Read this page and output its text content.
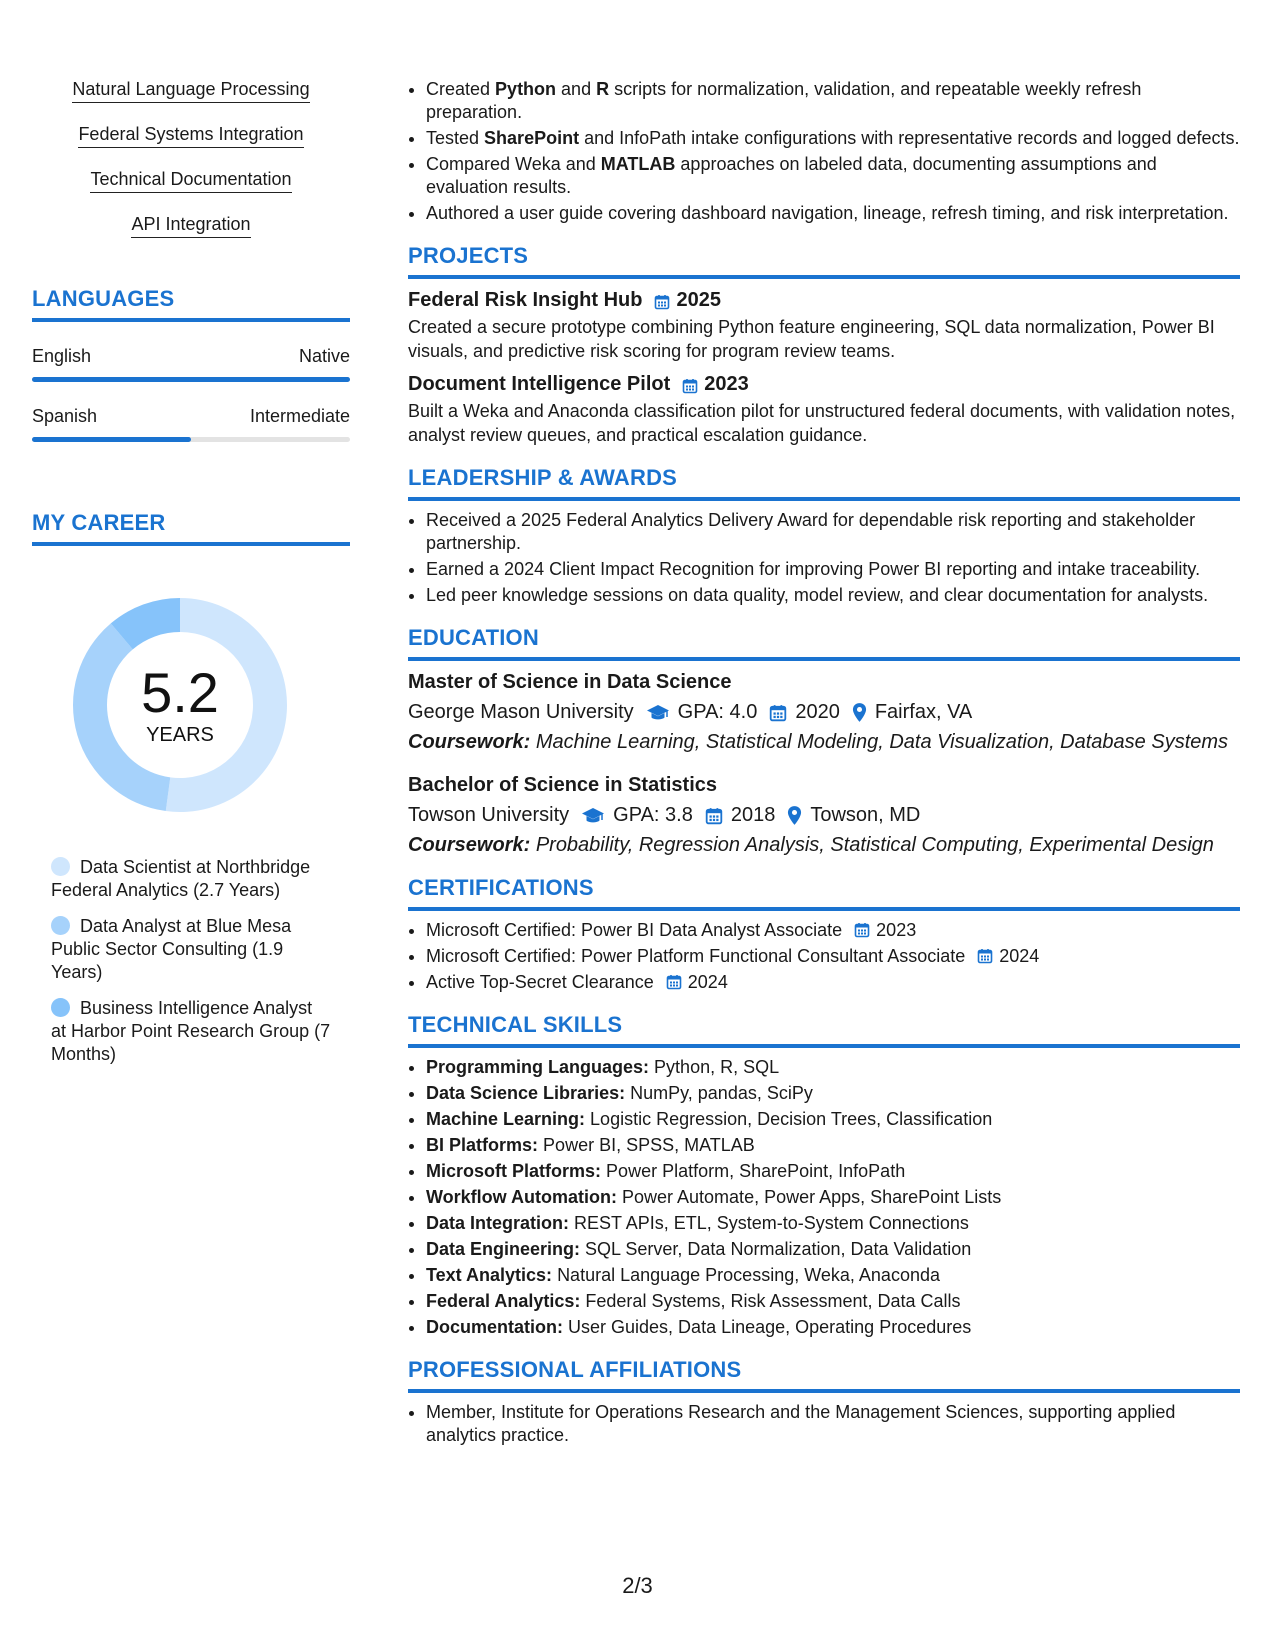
Natural Language Processing
Federal Systems Integration
Technical Documentation
API Integration
LANGUAGES
English	Native
Spanish	Intermediate
MY CAREER
5.2
YEARS
Data Scientist at Northbridge Federal Analytics (2.7 Years)
Data Analyst at Blue Mesa Public Sector Consulting (1.9 Years)
Business Intelligence Analyst at Harbor Point Research Group (7 Months)
• Created Python and R scripts for normalization, validation, and repeatable weekly refresh preparation.
• Tested SharePoint and InfoPath intake configurations with representative records and logged defects.
• Compared Weka and MATLAB approaches on labeled data, documenting assumptions and evaluation results.
• Authored a user guide covering dashboard navigation, lineage, refresh timing, and risk interpretation.
PROJECTS
Federal Risk Insight Hub 2025
Created a secure prototype combining Python feature engineering, SQL data normalization, Power BI visuals, and predictive risk scoring for program review teams.
Document Intelligence Pilot 2023
Built a Weka and Anaconda classification pilot for unstructured federal documents, with validation notes, analyst review queues, and practical escalation guidance.
LEADERSHIP & AWARDS
• Received a 2025 Federal Analytics Delivery Award for dependable risk reporting and stakeholder partnership.
• Earned a 2024 Client Impact Recognition for improving Power BI reporting and intake traceability.
• Led peer knowledge sessions on data quality, model review, and clear documentation for analysts.
EDUCATION
Master of Science in Data Science
George Mason University GPA: 4.0 2020 Fairfax, VA
Coursework: Machine Learning, Statistical Modeling, Data Visualization, Database Systems
Bachelor of Science in Statistics
Towson University GPA: 3.8 2018 Towson, MD
Coursework: Probability, Regression Analysis, Statistical Computing, Experimental Design
CERTIFICATIONS
• Microsoft Certified: Power BI Data Analyst Associate 2023
• Microsoft Certified: Power Platform Functional Consultant Associate 2024
• Active Top-Secret Clearance 2024
TECHNICAL SKILLS
• Programming Languages: Python, R, SQL
• Data Science Libraries: NumPy, pandas, SciPy
• Machine Learning: Logistic Regression, Decision Trees, Classification
• BI Platforms: Power BI, SPSS, MATLAB
• Microsoft Platforms: Power Platform, SharePoint, InfoPath
• Workflow Automation: Power Automate, Power Apps, SharePoint Lists
• Data Integration: REST APIs, ETL, System-to-System Connections
• Data Engineering: SQL Server, Data Normalization, Data Validation
• Text Analytics: Natural Language Processing, Weka, Anaconda
• Federal Analytics: Federal Systems, Risk Assessment, Data Calls
• Documentation: User Guides, Data Lineage, Operating Procedures
PROFESSIONAL AFFILIATIONS
• Member, Institute for Operations Research and the Management Sciences, supporting applied analytics practice.
2/3
